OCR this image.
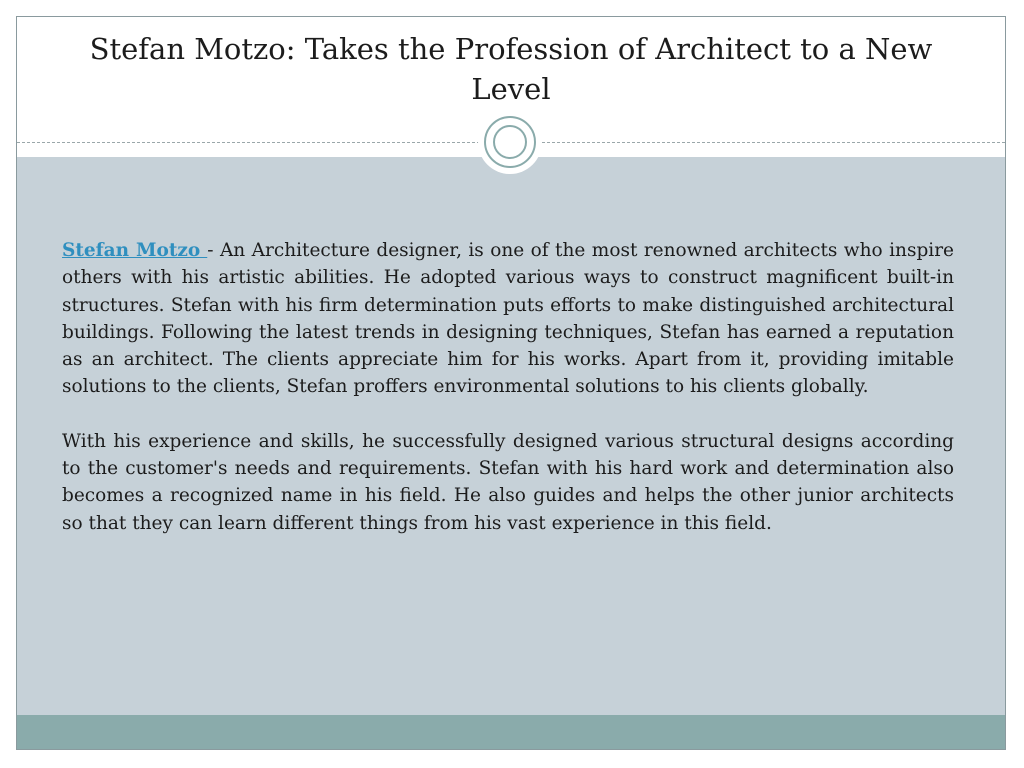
Stefan Motzo: Takes the Profession of Architect to a New Level

Stefan Motzo - An Architecture designer, is one of the most renowned architects who inspire others with his artistic abilities. He adopted various ways to construct magnificent built-in structures. Stefan with his firm determination puts efforts to make distinguished architectural buildings. Following the latest trends in designing techniques, Stefan has earned a reputation as an architect. The clients appreciate him for his works. Apart from it, providing imitable solutions to the clients, Stefan proffers environmental solutions to his clients globally.

With his experience and skills, he successfully designed various structural designs according to the customer's needs and requirements. Stefan with his hard work and determination also becomes a recognized name in his field. He also guides and helps the other junior architects so that they can learn different things from his vast experience in this field.
